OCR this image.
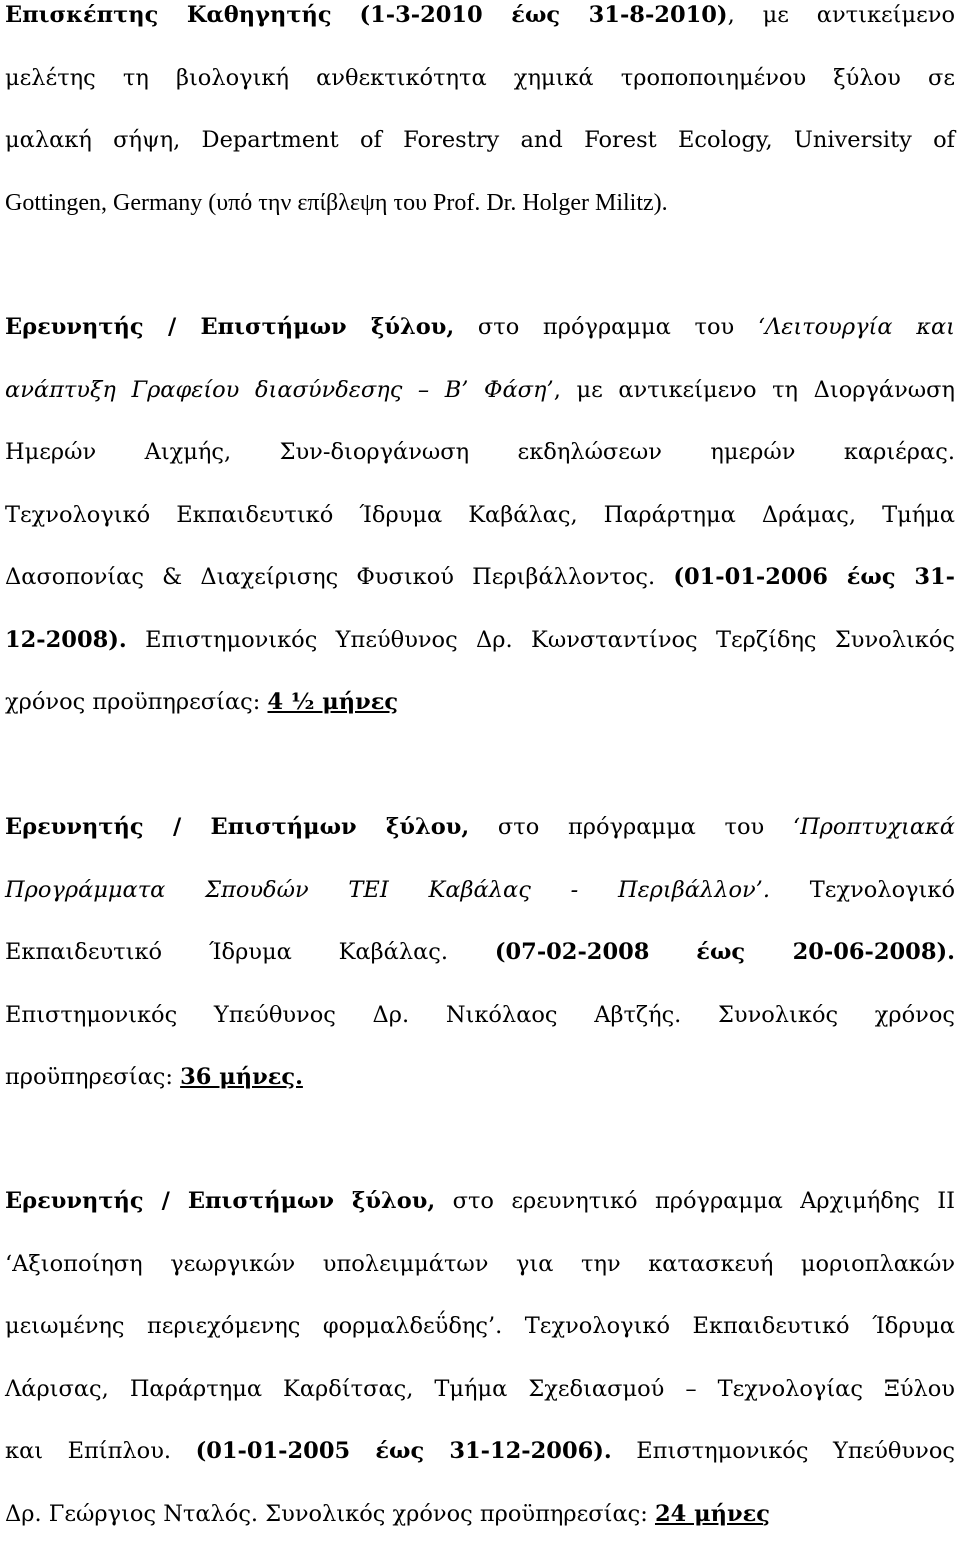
Επισκέπτης Καθηγητής (1-3-2010 έως 31-8-2010), με αντικείμενο
μελέτης τη βιολογική ανθεκτικότητα χημικά τροποποιημένου ξύλου σε
μαλακή σήψη, Department of Forestry and Forest Ecology, University of
Gottingen, Germany (υπό την επίβλεψη του Prof. Dr. Holger Militz).
Ερευνητής / Επιστήμων ξύλου, στο πρόγραμμα του ‘Λειτουργία και
ανάπτυξη Γραφείου διασύνδεσης – Β’ Φάση’, με αντικείμενο τη Διοργάνωση
Ημερών Αιχμής, Συν-διοργάνωση εκδηλώσεων ημερών καριέρας.
Τεχνολογικό Εκπαιδευτικό Ίδρυμα Καβάλας, Παράρτημα Δράμας, Τμήμα
Δασοπονίας & Διαχείρισης Φυσικού Περιβάλλοντος. (01-01-2006 έως 31-
12-2008). Επιστημονικός Υπεύθυνος Δρ. Κωνσταντίνος Τερζίδης Συνολικός
χρόνος προϋπηρεσίας: 4 ½ μήνες
Ερευνητής / Επιστήμων ξύλου, στο πρόγραμμα του ‘Προπτυχιακά
Προγράμματα Σπουδών ΤΕΙ Καβάλας - Περιβάλλον’. Τεχνολογικό
Εκπαιδευτικό Ίδρυμα Καβάλας. (07-02-2008 έως 20-06-2008).
Επιστημονικός Υπεύθυνος Δρ. Νικόλαος Αβτζής. Συνολικός χρόνος
προϋπηρεσίας: 36 μήνες.
Ερευνητής / Επιστήμων ξύλου, στο ερευνητικό πρόγραμμα Αρχιμήδης ΙΙ
‘Αξιοποίηση γεωργικών υπολειμμάτων για την κατασκευή μοριοπλακών
μειωμένης περιεχόμενης φορμαλδεΰδης’. Τεχνολογικό Εκπαιδευτικό Ίδρυμα
Λάρισας, Παράρτημα Καρδίτσας, Τμήμα Σχεδιασμού – Τεχνολογίας Ξύλου
και Επίπλου. (01-01-2005 έως 31-12-2006). Επιστημονικός Υπεύθυνος
Δρ. Γεώργιος Νταλός. Συνολικός χρόνος προϋπηρεσίας: 24 μήνες
